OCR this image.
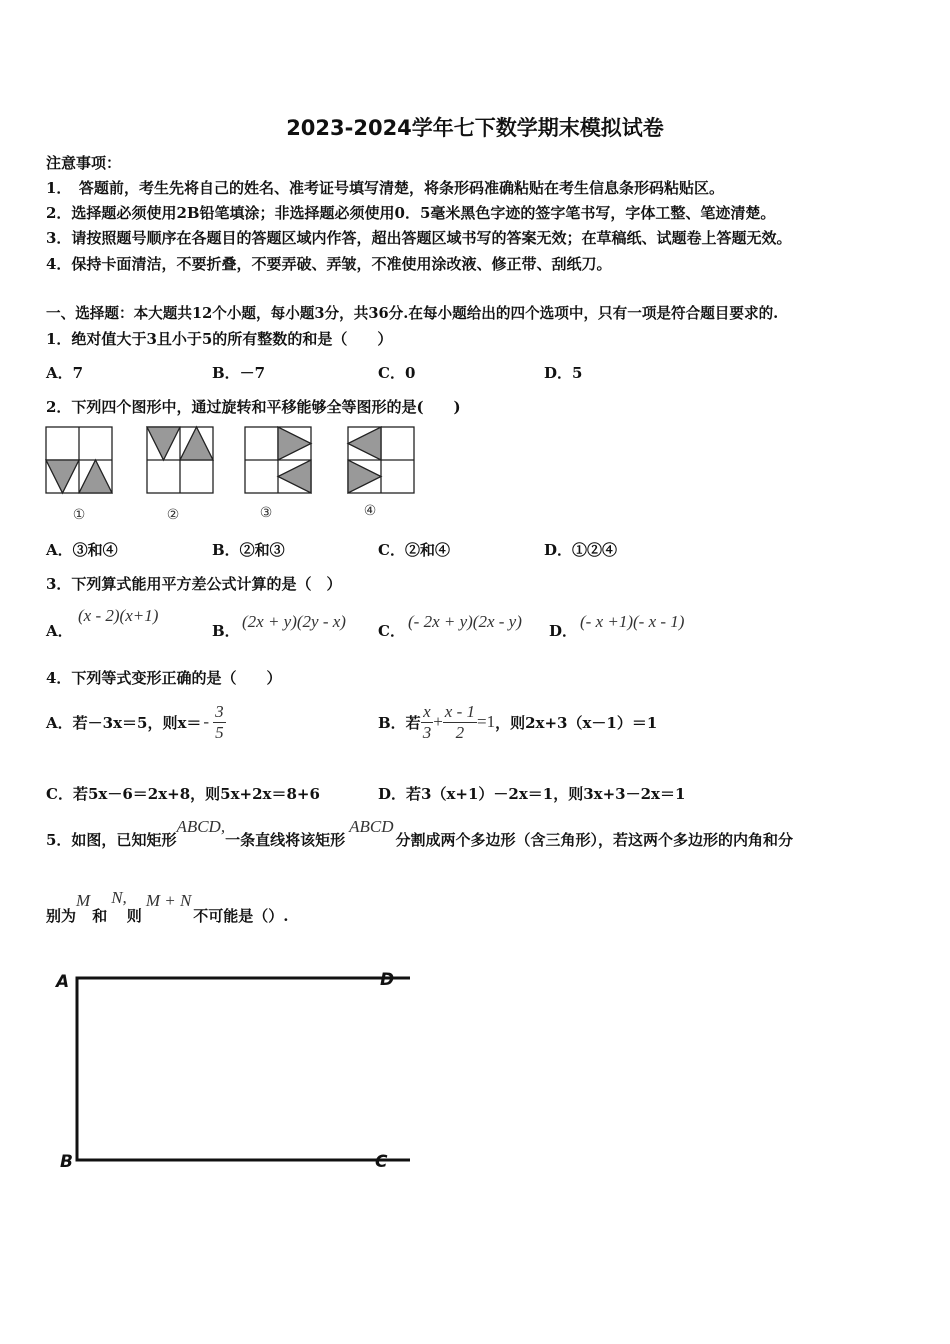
2023-2024学年七下数学期末模拟试卷
注意事项：
1．　答题前，考生先将自己的姓名、准考证号填写清楚，将条形码准确粘贴在考生信息条形码粘贴区。
2．选择题必须使用2B铅笔填涂；非选择题必须使用0．5毫米黑色字迹的签字笔书写，字体工整、笔迹清楚。
3．请按照题号顺序在各题目的答题区域内作答，超出答题区域书写的答案无效；在草稿纸、试题卷上答题无效。
4．保持卡面清洁，不要折叠，不要弄破、弄皱，不准使用涂改液、修正带、刮纸刀。
一、选择题：本大题共12个小题，每小题3分，共36分.在每小题给出的四个选项中，只有一项是符合题目要求的.
1．绝对值大于3且小于5的所有整数的和是（　　）
A．7	B．－7	C．0	D．5
2．下列四个图形中，通过旋转和平移能够全等图形的是(　　)
①	②	③	④
A．③和④	B．②和③	C．②和④	D．①②④
3．下列算式能用平方差公式计算的是（　）
A．
(x - 2)(x+1)
B． (2x + y)(2y - x) C． (- 2x + y)(2x - y) D． (- x +1)(- x - 1)
4．下列等式变形正确的是（　　）
A．若－3x＝5，则$x= - \frac{3}{5}$	B．若 $\frac{x}{3} + \frac{x - 1}{2} =1$ ，则2x+3（x－1）＝1
C．若5x－6＝2x+8，则5x+2x＝8+6	D．若3（x+1）－2x＝1，则3x+3－2x＝1
5．如图，已知矩形ABCD,一条直线将该矩形ABCD分割成两个多边形（含三角形），若这两个多边形的内角和分
别为M和N,则M + N不可能是（）.
A	D
B	C
